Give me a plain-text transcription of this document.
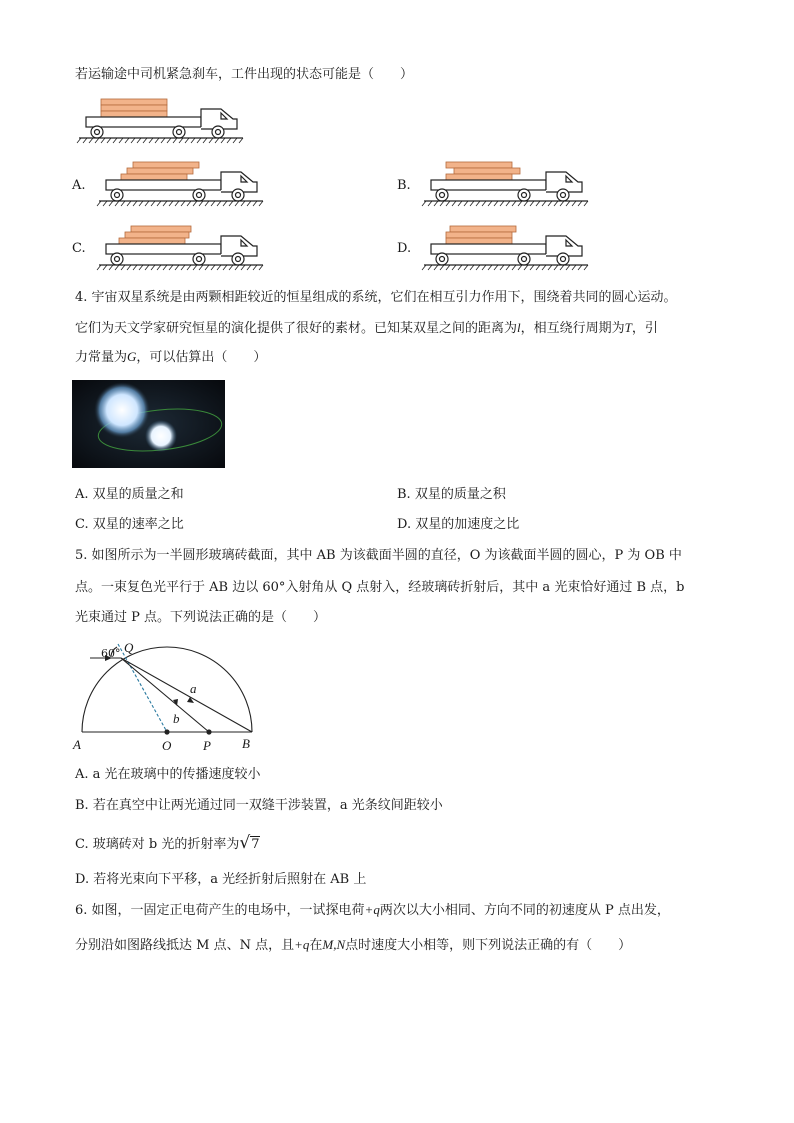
若运输途中司机紧急刹车，工件出现的状态可能是（　　）
A.	B.
C.	D.
4. 宇宙双星系统是由两颗相距较近的恒星组成的系统，它们在相互引力作用下，围绕着共同的圆心运动。
它们为天文学家研究恒星的演化提供了很好的素材。已知某双星之间的距离为l，相互绕行周期为T，引
力常量为G，可以估算出（　　）
A. 双星的质量之和	B. 双星的质量之积
C. 双星的速率之比	D. 双星的加速度之比
5. 如图所示为一半圆形玻璃砖截面，其中 AB 为该截面半圆的直径，O 为该截面半圆的圆心，P 为 OB 中
点。一束复色光平行于 AB 边以 60°入射角从 Q 点射入，经玻璃砖折射后，其中 a 光束恰好通过 B 点，b
光束通过 P 点。下列说法正确的是（　　）
60° Q
a
b
A	O P B
A. a 光在玻璃中的传播速度较小
B. 若在真空中让两光通过同一双缝干涉装置，a 光条纹间距较小
C. 玻璃砖对 b 光的折射率为√7
D. 若将光束向下平移，a 光经折射后照射在 AB 上
6. 如图，一固定正电荷产生的电场中，一试探电荷+q两次以大小相同、方向不同的初速度从 P 点出发，
分别沿如图路线抵达 M 点、N 点，且+q在M,N点时速度大小相等，则下列说法正确的有（　　）
